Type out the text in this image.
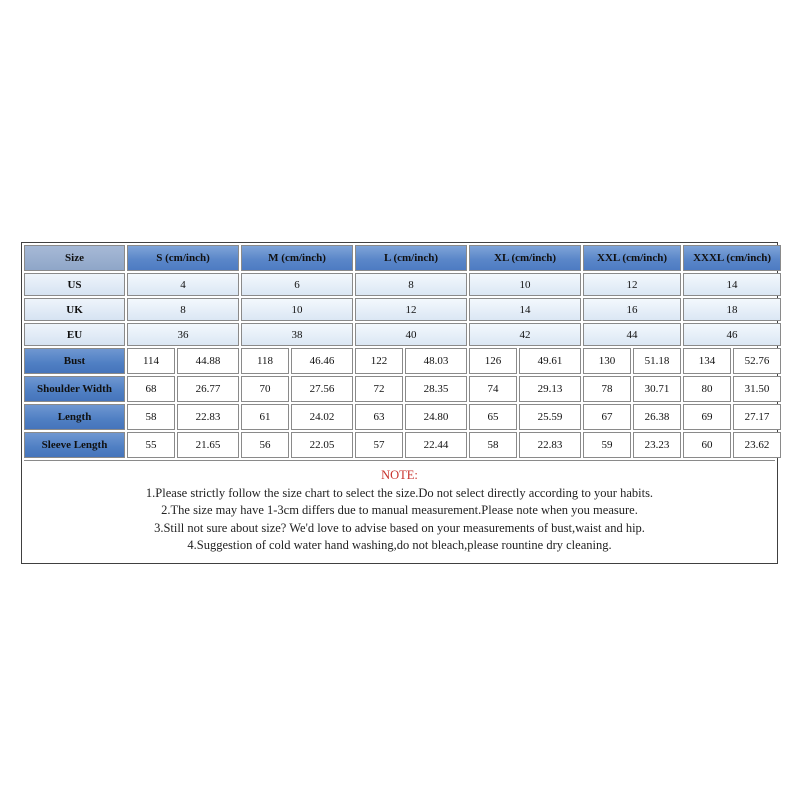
Size	S (cm/inch)		M (cm/inch)		L (cm/inch)		XL (cm/inch)		XXL (cm/inch)		XXXL (cm/inch)	
US	4		6		8		10		12		14	
UK	8		10		12		14		16		18	
EU	36		38		40		42		44		46	
Bust	114	44.88	118	46.46	122	48.03	126	49.61	130	51.18	134	52.76
Shoulder Width	68	26.77	70	27.56	72	28.35	74	29.13	78	30.71	80	31.50
Length	58	22.83	61	24.02	63	24.80	65	25.59	67	26.38	69	27.17
Sleeve Length	55	21.65	56	22.05	57	22.44	58	22.83	59	23.23	60	23.62
NOTE:
1.Please strictly follow the size chart to select the size.Do not select directly according to your habits.
2.The size may have 1-3cm differs due to manual measurement.Please note when you measure.
3.Still not sure about size? We'd love to advise based on your measurements of bust,waist and hip.
4.Suggestion of cold water hand washing,do not bleach,please rountine dry cleaning.
